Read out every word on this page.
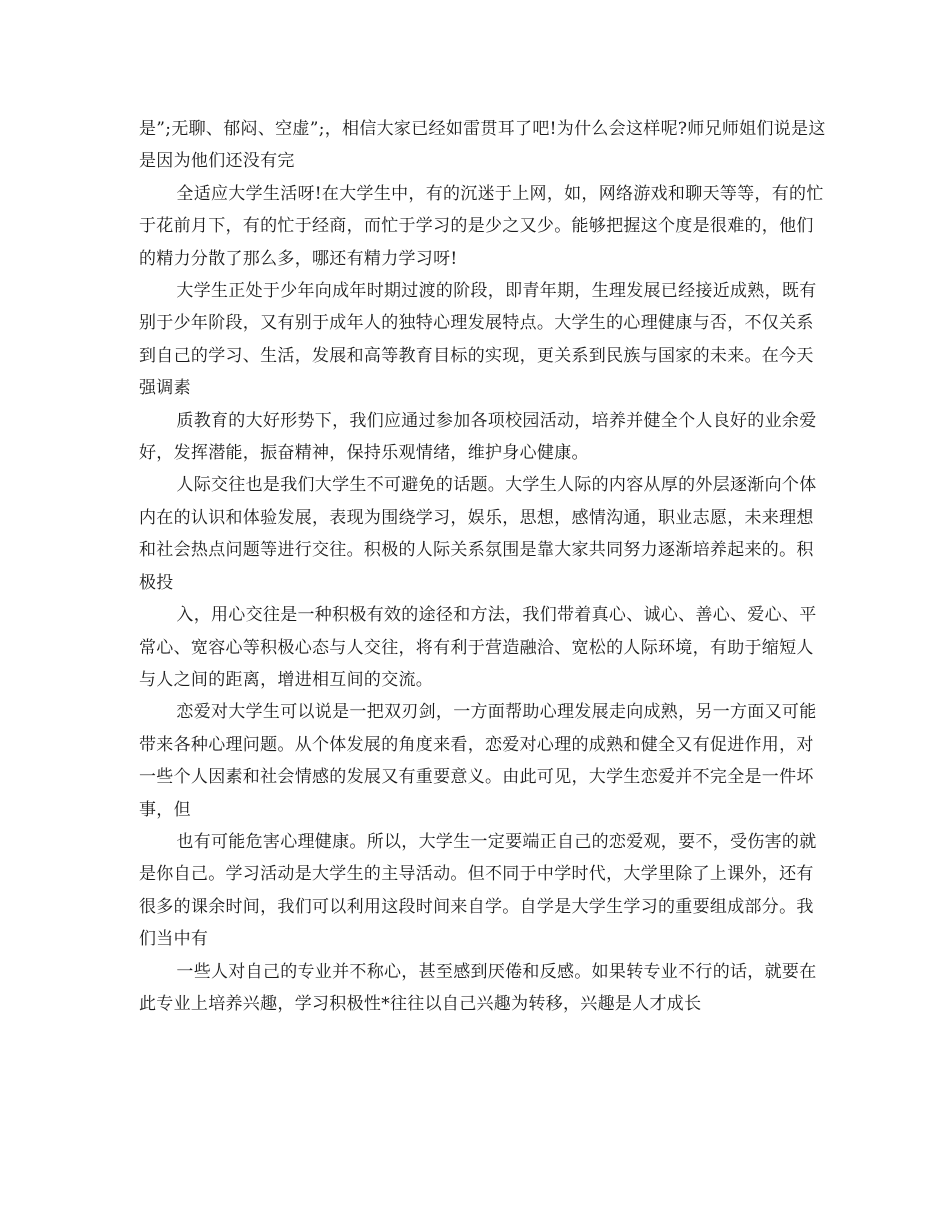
是”;无聊、郁闷、空虚”;，相信大家已经如雷贯耳了吧!为什么会这样呢?师兄师姐们说是这是因为他们还没有完

全适应大学生活呀!在大学生中，有的沉迷于上网，如，网络游戏和聊天等等，有的忙于花前月下，有的忙于经商，而忙于学习的是少之又少。能够把握这个度是很难的，他们的精力分散了那么多，哪还有精力学习呀!

大学生正处于少年向成年时期过渡的阶段，即青年期，生理发展已经接近成熟，既有别于少年阶段，又有别于成年人的独特心理发展特点。大学生的心理健康与否，不仅关系到自己的学习、生活，发展和高等教育目标的实现，更关系到民族与国家的未来。在今天强调素

质教育的大好形势下，我们应通过参加各项校园活动，培养并健全个人良好的业余爱好，发挥潜能，振奋精神，保持乐观情绪，维护身心健康。

人际交往也是我们大学生不可避免的话题。大学生人际的内容从厚的外层逐渐向个体内在的认识和体验发展，表现为围绕学习，娱乐，思想，感情沟通，职业志愿，未来理想和社会热点问题等进行交往。积极的人际关系氛围是靠大家共同努力逐渐培养起来的。积极投

入，用心交往是一种积极有效的途径和方法，我们带着真心、诚心、善心、爱心、平常心、宽容心等积极心态与人交往，将有利于营造融洽、宽松的人际环境，有助于缩短人与人之间的距离，增进相互间的交流。

恋爱对大学生可以说是一把双刃剑，一方面帮助心理发展走向成熟，另一方面又可能带来各种心理问题。从个体发展的角度来看，恋爱对心理的成熟和健全又有促进作用，对一些个人因素和社会情感的发展又有重要意义。由此可见，大学生恋爱并不完全是一件坏事，但

也有可能危害心理健康。所以，大学生一定要端正自己的恋爱观，要不，受伤害的就是你自己。学习活动是大学生的主导活动。但不同于中学时代，大学里除了上课外，还有很多的课余时间，我们可以利用这段时间来自学。自学是大学生学习的重要组成部分。我们当中有

一些人对自己的专业并不称心，甚至感到厌倦和反感。如果转专业不行的话，就要在此专业上培养兴趣，学习积极性*往往以自己兴趣为转移，兴趣是人才成长
